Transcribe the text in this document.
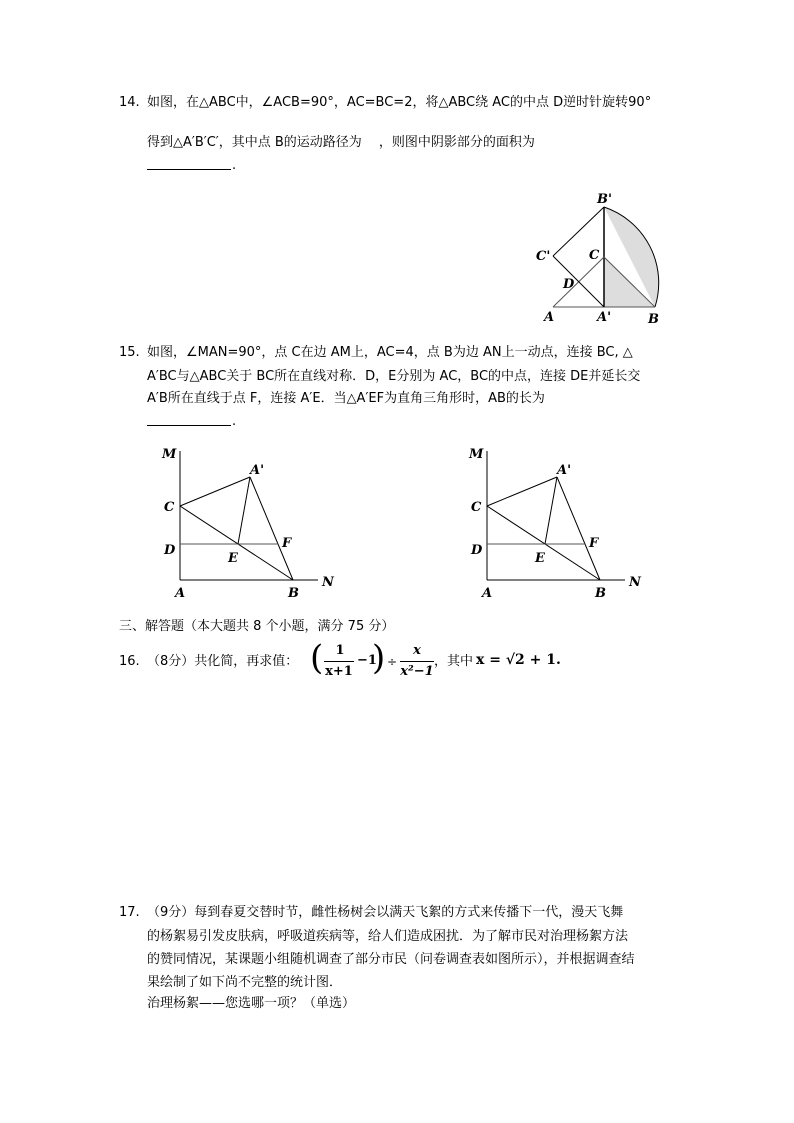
14. 如图，在△ABC中，∠ACB=90°，AC=BC=2，将△ABC绕 AC的中点 D逆时针旋转90°
得到△A′B′C′，其中点 B的运动路径为　 ，则图中阴影部分的面积为
.
B'
C'	C
D
A	A'	B
M
A'
C
D
E
F
A	B
N
M
A'
C
D
E
F
A	B
N
15. 如图，∠MAN=90°，点 C在边 AM上，AC=4，点 B为边 AN上一动点，连接 BC, △
A′BC与△ABC关于 BC所在直线对称．D，E分别为 AC，BC的中点，连接 DE并延长交
A′B所在直线于点 F，连接 A′E．当△A′EF为直角三角形时，AB的长为
.
三、解答题（本大题共 8 个小题，满分 75 分）
16. （8分）共化简，再求值： ( 1
x+1
−1
) ÷
x
x²−1
，其中 x = √2 + 1.
17. （9分）每到春夏交替时节，雌性杨树会以满天飞絮的方式来传播下一代，漫天飞舞
的杨絮易引发皮肤病，呼吸道疾病等，给人们造成困扰．为了解市民对治理杨絮方法
的赞同情况，某课题小组随机调查了部分市民（问卷调查表如图所示），并根据调查结
果绘制了如下尚不完整的统计图．
治理杨絮——您选哪一项？（单选）
